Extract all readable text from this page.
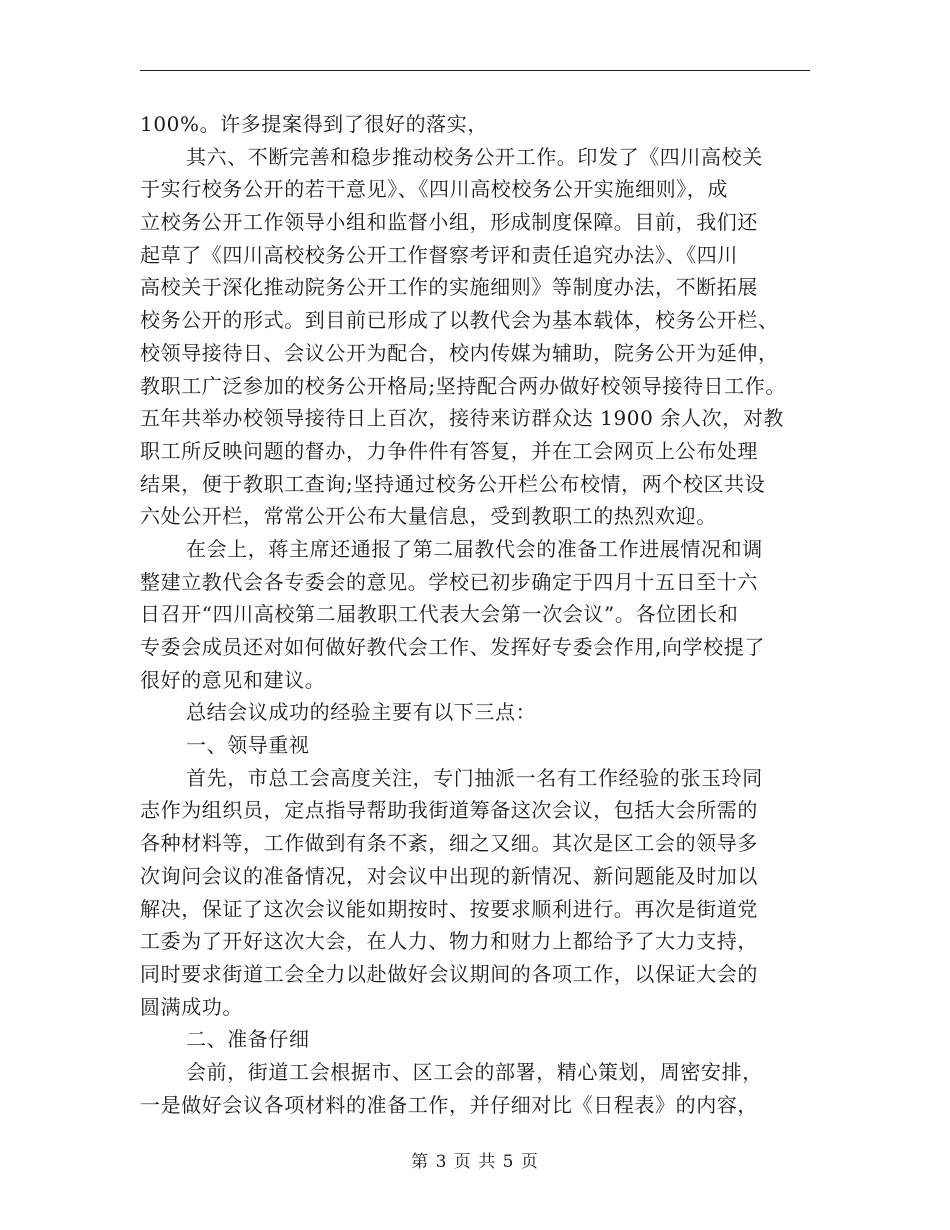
100%。许多提案得到了很好的落实，
其六、不断完善和稳步推动校务公开工作。印发了《四川高校关
于实行校务公开的若干意见》、《四川高校校务公开实施细则》，成
立校务公开工作领导小组和监督小组，形成制度保障。目前，我们还
起草了《四川高校校务公开工作督察考评和责任追究办法》、《四川
高校关于深化推动院务公开工作的实施细则》等制度办法，不断拓展
校务公开的形式。到目前已形成了以教代会为基本载体，校务公开栏、
校领导接待日、会议公开为配合，校内传媒为辅助，院务公开为延伸，
教职工广泛参加的校务公开格局;坚持配合两办做好校领导接待日工作。
五年共举办校领导接待日上百次，接待来访群众达 1900 余人次，对教
职工所反映问题的督办，力争件件有答复，并在工会网页上公布处理
结果，便于教职工查询;坚持通过校务公开栏公布校情，两个校区共设
六处公开栏，常常公开公布大量信息，受到教职工的热烈欢迎。
在会上，蒋主席还通报了第二届教代会的准备工作进展情况和调
整建立教代会各专委会的意见。学校已初步确定于四月十五日至十六
日召开“四川高校第二届教职工代表大会第一次会议”。各位团长和
专委会成员还对如何做好教代会工作、发挥好专委会作用,向学校提了
很好的意见和建议。
总结会议成功的经验主要有以下三点：
一、领导重视
首先，市总工会高度关注，专门抽派一名有工作经验的张玉玲同
志作为组织员，定点指导帮助我街道筹备这次会议，包括大会所需的
各种材料等，工作做到有条不紊，细之又细。其次是区工会的领导多
次询问会议的准备情况，对会议中出现的新情况、新问题能及时加以
解决，保证了这次会议能如期按时、按要求顺利进行。再次是街道党
工委为了开好这次大会，在人力、物力和财力上都给予了大力支持，
同时要求街道工会全力以赴做好会议期间的各项工作，以保证大会的
圆满成功。
二、准备仔细
会前，街道工会根据市、区工会的部署，精心策划，周密安排，
一是做好会议各项材料的准备工作，并仔细对比《日程表》的内容，
第 3 页 共 5 页
